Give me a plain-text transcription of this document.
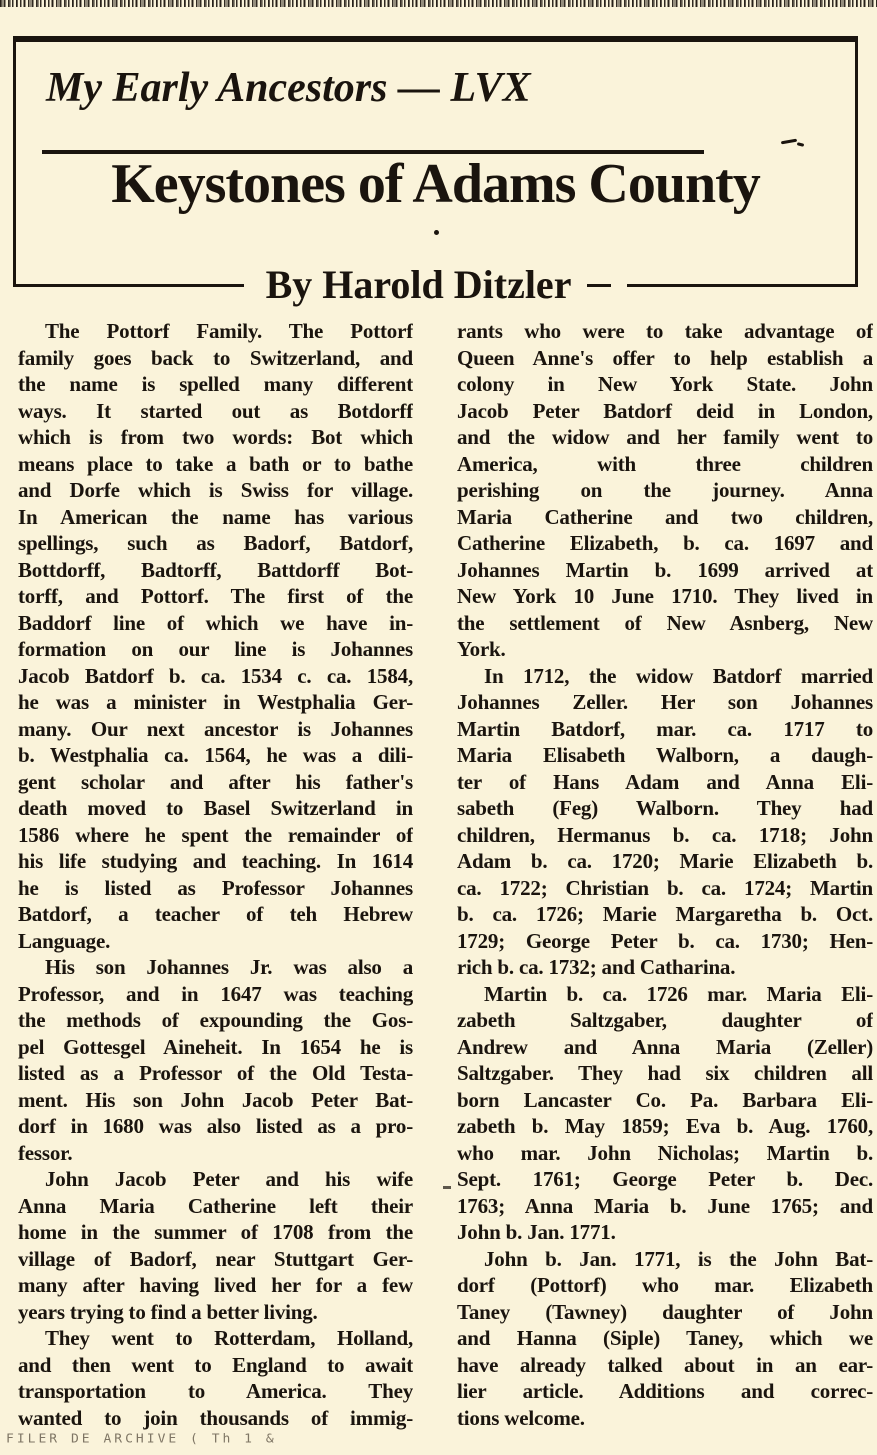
My Early Ancestors — LVX
Keystones of Adams County
By Harold Ditzler
The Pottorf Family. The Pottorf
family goes back to Switzerland, and
the name is spelled many different
ways. It started out as Botdorff
which is from two words: Bot which
means place to take a bath or to bathe
and Dorfe which is Swiss for village.
In American the name has various
spellings, such as Badorf, Batdorf,
Bottdorff, Badtorff, Battdorff Bot-
torff, and Pottorf. The first of the
Baddorf line of which we have in-
formation on our line is Johannes
Jacob Batdorf b. ca. 1534 c. ca. 1584,
he was a minister in Westphalia Ger-
many. Our next ancestor is Johannes
b. Westphalia ca. 1564, he was a dili-
gent scholar and after his father's
death moved to Basel Switzerland in
1586 where he spent the remainder of
his life studying and teaching. In 1614
he is listed as Professor Johannes
Batdorf, a teacher of teh Hebrew
Language.
His son Johannes Jr. was also a
Professor, and in 1647 was teaching
the methods of expounding the Gos-
pel Gottesgel Aineheit. In 1654 he is
listed as a Professor of the Old Testa-
ment. His son John Jacob Peter Bat-
dorf in 1680 was also listed as a pro-
fessor.
John Jacob Peter and his wife
Anna Maria Catherine left their
home in the summer of 1708 from the
village of Badorf, near Stuttgart Ger-
many after having lived her for a few
years trying to find a better living.
They went to Rotterdam, Holland,
and then went to England to await
transportation to America. They
wanted to join thousands of immig-
rants who were to take advantage of
Queen Anne's offer to help establish a
colony in New York State. John
Jacob Peter Batdorf deid in London,
and the widow and her family went to
America, with three children
perishing on the journey. Anna
Maria Catherine and two children,
Catherine Elizabeth, b. ca. 1697 and
Johannes Martin b. 1699 arrived at
New York 10 June 1710. They lived in
the settlement of New Asnberg, New
York.
In 1712, the widow Batdorf married
Johannes Zeller. Her son Johannes
Martin Batdorf, mar. ca. 1717 to
Maria Elisabeth Walborn, a daugh-
ter of Hans Adam and Anna Eli-
sabeth (Feg) Walborn. They had
children, Hermanus b. ca. 1718; John
Adam b. ca. 1720; Marie Elizabeth b.
ca. 1722; Christian b. ca. 1724; Martin
b. ca. 1726; Marie Margaretha b. Oct.
1729; George Peter b. ca. 1730; Hen-
rich b. ca. 1732; and Catharina.
Martin b. ca. 1726 mar. Maria Eli-
zabeth Saltzgaber, daughter of
Andrew and Anna Maria (Zeller)
Saltzgaber. They had six children all
born Lancaster Co. Pa. Barbara Eli-
zabeth b. May 1859; Eva b. Aug. 1760,
who mar. John Nicholas; Martin b.
Sept. 1761; George Peter b. Dec.
1763; Anna Maria b. June 1765; and
John b. Jan. 1771.
John b. Jan. 1771, is the John Bat-
dorf (Pottorf) who mar. Elizabeth
Taney (Tawney) daughter of John
and Hanna (Siple) Taney, which we
have already talked about in an ear-
lier article. Additions and correc-
tions welcome.
FILER DE ARCHIVE ( Th 1 &
